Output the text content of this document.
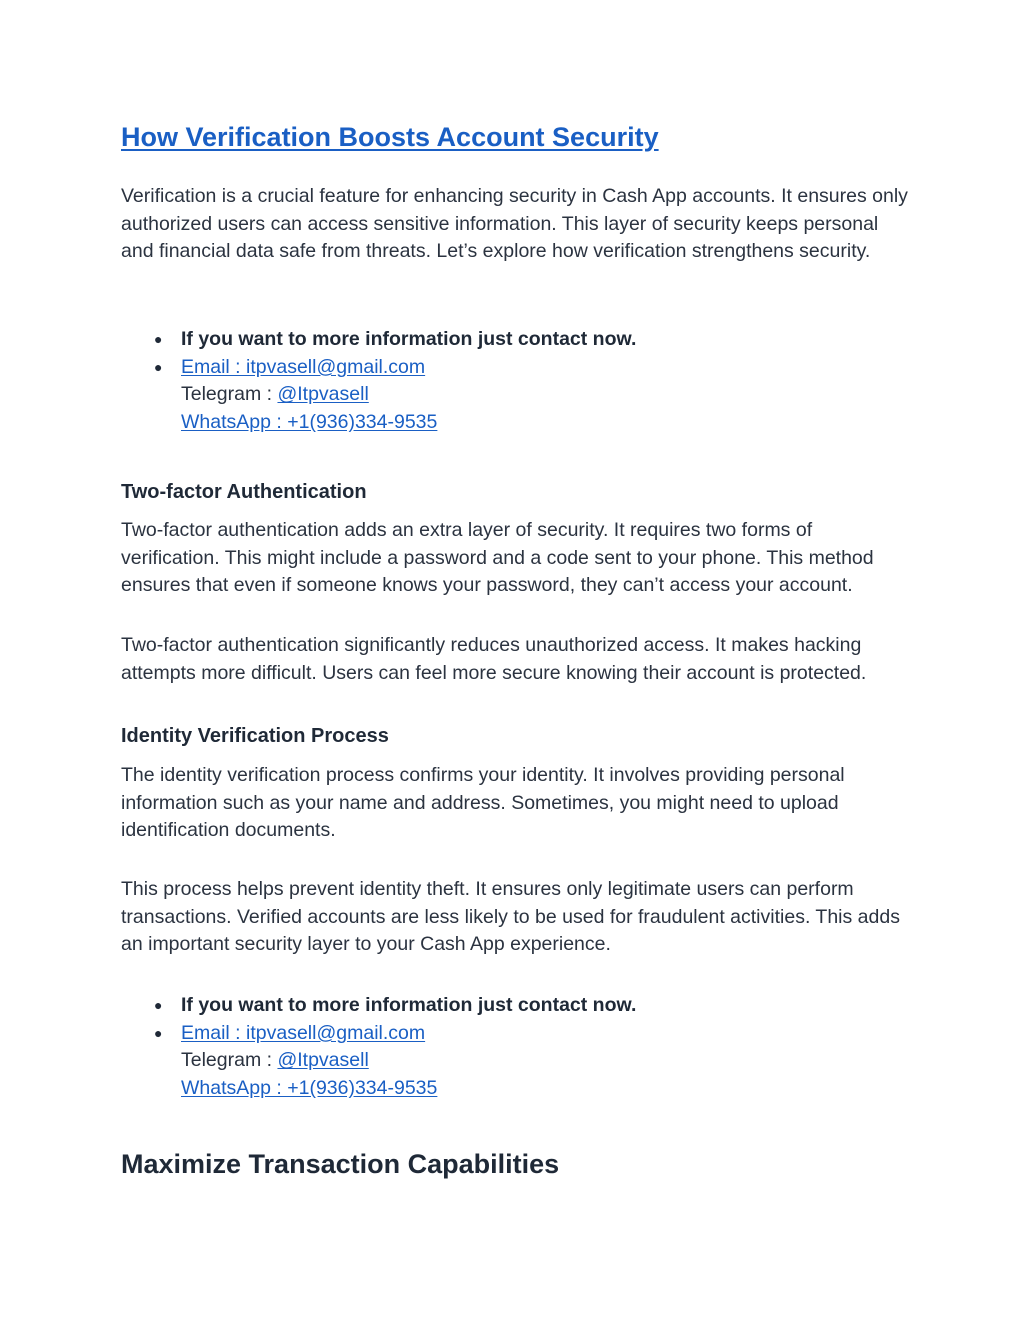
How Verification Boosts Account Security

Verification is a crucial feature for enhancing security in Cash App accounts. It ensures only authorized users can access sensitive information. This layer of security keeps personal and financial data safe from threats. Let’s explore how verification strengthens security.

● If you want to more information just contact now.
● Email : itpvasell@gmail.com
Telegram : @Itpvasell
WhatsApp : +1(936)334-9535
Two-factor Authentication

Two-factor authentication adds an extra layer of security. It requires two forms of verification. This might include a password and a code sent to your phone. This method ensures that even if someone knows your password, they can’t access your account.

Two-factor authentication significantly reduces unauthorized access. It makes hacking attempts more difficult. Users can feel more secure knowing their account is protected.

Identity Verification Process

The identity verification process confirms your identity. It involves providing personal information such as your name and address. Sometimes, you might need to upload identification documents.

This process helps prevent identity theft. It ensures only legitimate users can perform transactions. Verified accounts are less likely to be used for fraudulent activities. This adds an important security layer to your Cash App experience.

● If you want to more information just contact now.
● Email : itpvasell@gmail.com
Telegram : @Itpvasell
WhatsApp : +1(936)334-9535
Maximize Transaction Capabilities
